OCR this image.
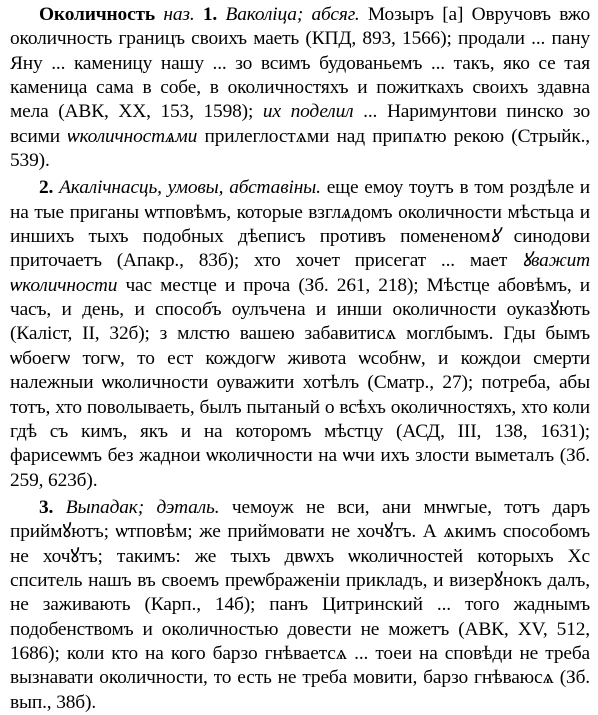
Околичность наз. 1. Ваколіца; абсяг. Мозыръ [а] Овручовъ вжо околичность границъ своихъ маеть (КПД, 893, 1566); продали ... пану Яну ... каменицу нашу ... зо всимъ будованьемъ ... такъ, яко се тая каменица сама в собе, в околичностяхъ и пожиткахъ своихъ здавна мела (АВК, XX, 153, 1598); их поделил ... Наримунтови пинско зо всими ѡколичностѧми прилеглостѧми над припѧтю рекою (Стрыйк., 539).

2. Акалічнасць, умовы, абставіны. еще емоу тоутъ в том роздѣле и на тые приганы ѡтповѣмъ, которые взглѧдомъ околичности мѣстьца и иншихъ тыхъ подобных дѣеписъ противъ помененомꙋ синодови приточаетъ (Апакр., 83б); хто хочет присегат ... мает ꙋважит ѡколичности час местце и проча (Зб. 261, 218); Мѣстце абовѣмъ, и часъ, и день, и способъ оулъчена и инши околичности оуказꙋють (Каліст, II, 32б); з млстю вашею забавитисѧ моглбымъ. Гды бымъ ѡбоегѡ тогѡ, то ест кождогѡ живота ѡсобнѡ, и кождои смерти належныи ѡколичности оуважити хотѣлъ (Сматр., 27); потреба, абы тотъ, хто поволываеть, былъ пытаный о всѣхъ околичностяхъ, хто коли гдѣ съ кимъ, якъ и на которомъ мѣстцу (АСД, III, 138, 1631); фарисеѡмъ без жаднои ѡколичности на ѡчи ихъ злости выметалъ (Зб. 259, 623б).

3. Выпадак; дэталь. чемоуж не вси, ани мнѡгые, тотъ даръ приймꙋютъ; ѡтповѣм; же приймовати не хочꙋтъ. А ѧкимъ способомъ не хочꙋтъ; такимъ: же тыхъ двѡхъ ѡколичностей которыхъ Хс спситель нашъ въ своемъ преѡбраженіи прикладъ, и визерꙋнокъ далъ, не заживають (Карп., 14б); панъ Цитринский ... того жаднымъ подобенствомъ и околичностью довести не можетъ (АВК, XV, 512, 1686); коли кто на кого барзо гнѣваетсѧ ... тоеи на сповѣди не треба вызнавати околичности, то есть не треба мовити, барзо гнѣваюсѧ (Зб. вып., 38б).
